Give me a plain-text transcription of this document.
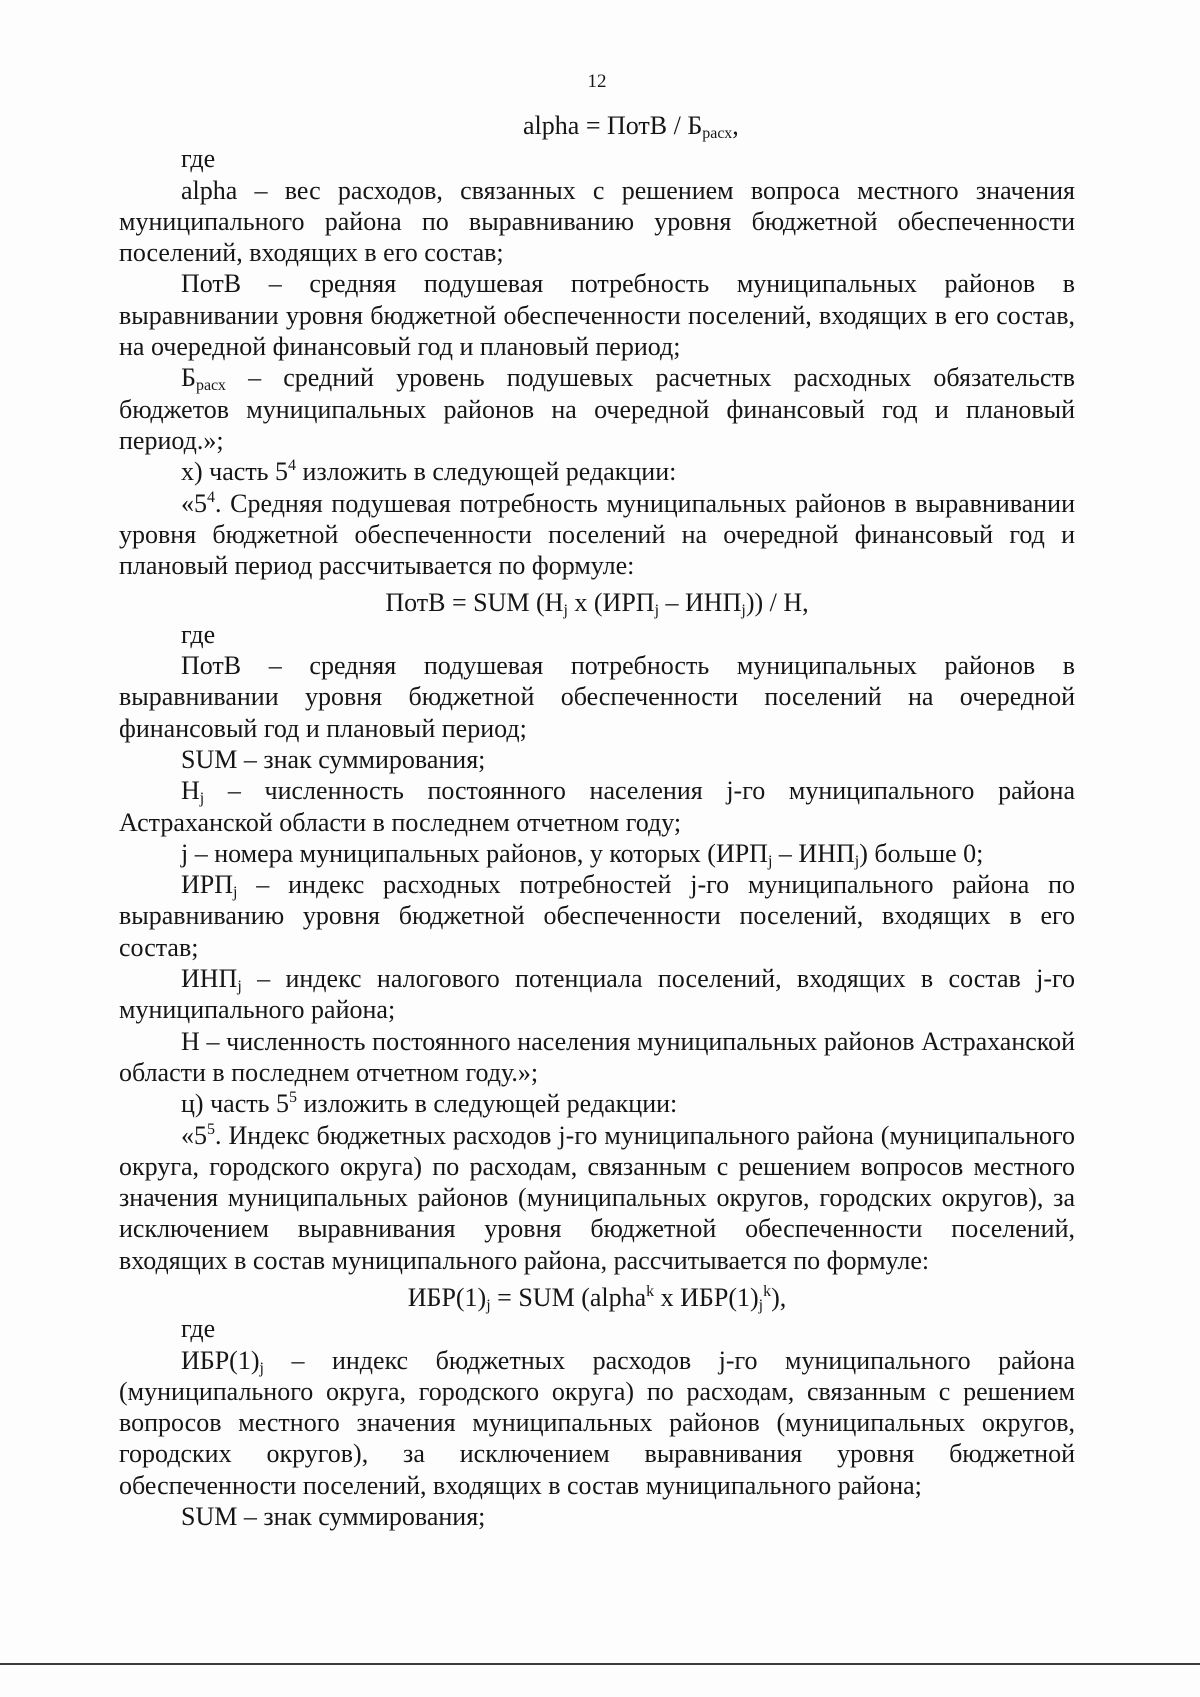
12

alpha = ПотВ / $Б_{расх}$,

где

alpha – вес расходов, связанных с решением вопроса местного значения муниципального района по выравниванию уровня бюджетной обеспеченности поселений, входящих в его состав;

ПотВ – средняя подушевая потребность муниципальных районов в выравнивании уровня бюджетной обеспеченности поселений, входящих в его состав, на очередной финансовый год и плановый период;

$Б_{расх}$ – средний уровень подушевых расчетных расходных обязательств бюджетов муниципальных районов на очередной финансовый год и плановый период.»;

х) часть $5^4$ изложить в следующей редакции:

«$5^4$. Средняя подушевая потребность муниципальных районов в выравнивании уровня бюджетной обеспеченности поселений на очередной финансовый год и плановый период рассчитывается по формуле:

ПотВ = SUM ($Н_j$ х $(ИРП_j - ИНП_j)$) / Н,

где

ПотВ – средняя подушевая потребность муниципальных районов в выравнивании уровня бюджетной обеспеченности поселений на очередной финансовый год и плановый период;

SUM – знак суммирования;

$Н_j$ – численность постоянного населения j-го муниципального района Астраханской области в последнем отчетном году;

j – номера муниципальных районов, у которых $(ИРП_j - ИНП_j)$ больше 0;

$ИРП_j$ – индекс расходных потребностей j-го муниципального района по выравниванию уровня бюджетной обеспеченности поселений, входящих в его состав;

$ИНП_j$ – индекс налогового потенциала поселений, входящих в состав j-го муниципального района;

Н – численность постоянного населения муниципальных районов Астраханской области в последнем отчетном году.»;

ц) часть $5^5$ изложить в следующей редакции:

«$5^5$. Индекс бюджетных расходов j-го муниципального района (муниципального округа, городского округа) по расходам, связанным с решением вопросов местного значения муниципальных районов (муниципальных округов, городских округов), за исключением выравнивания уровня бюджетной обеспеченности поселений, входящих в состав муниципального района, рассчитывается по формуле:

$ИБР(1)_j$ = SUM (alpha$^k$ х $ИБР(1)_j^k$),

где

$ИБР(1)_j$ – индекс бюджетных расходов j-го муниципального района (муниципального округа, городского округа) по расходам, связанным с решением вопросов местного значения муниципальных районов (муниципальных округов, городских округов), за исключением выравнивания уровня бюджетной обеспеченности поселений, входящих в состав муниципального района;

SUM – знак суммирования;
